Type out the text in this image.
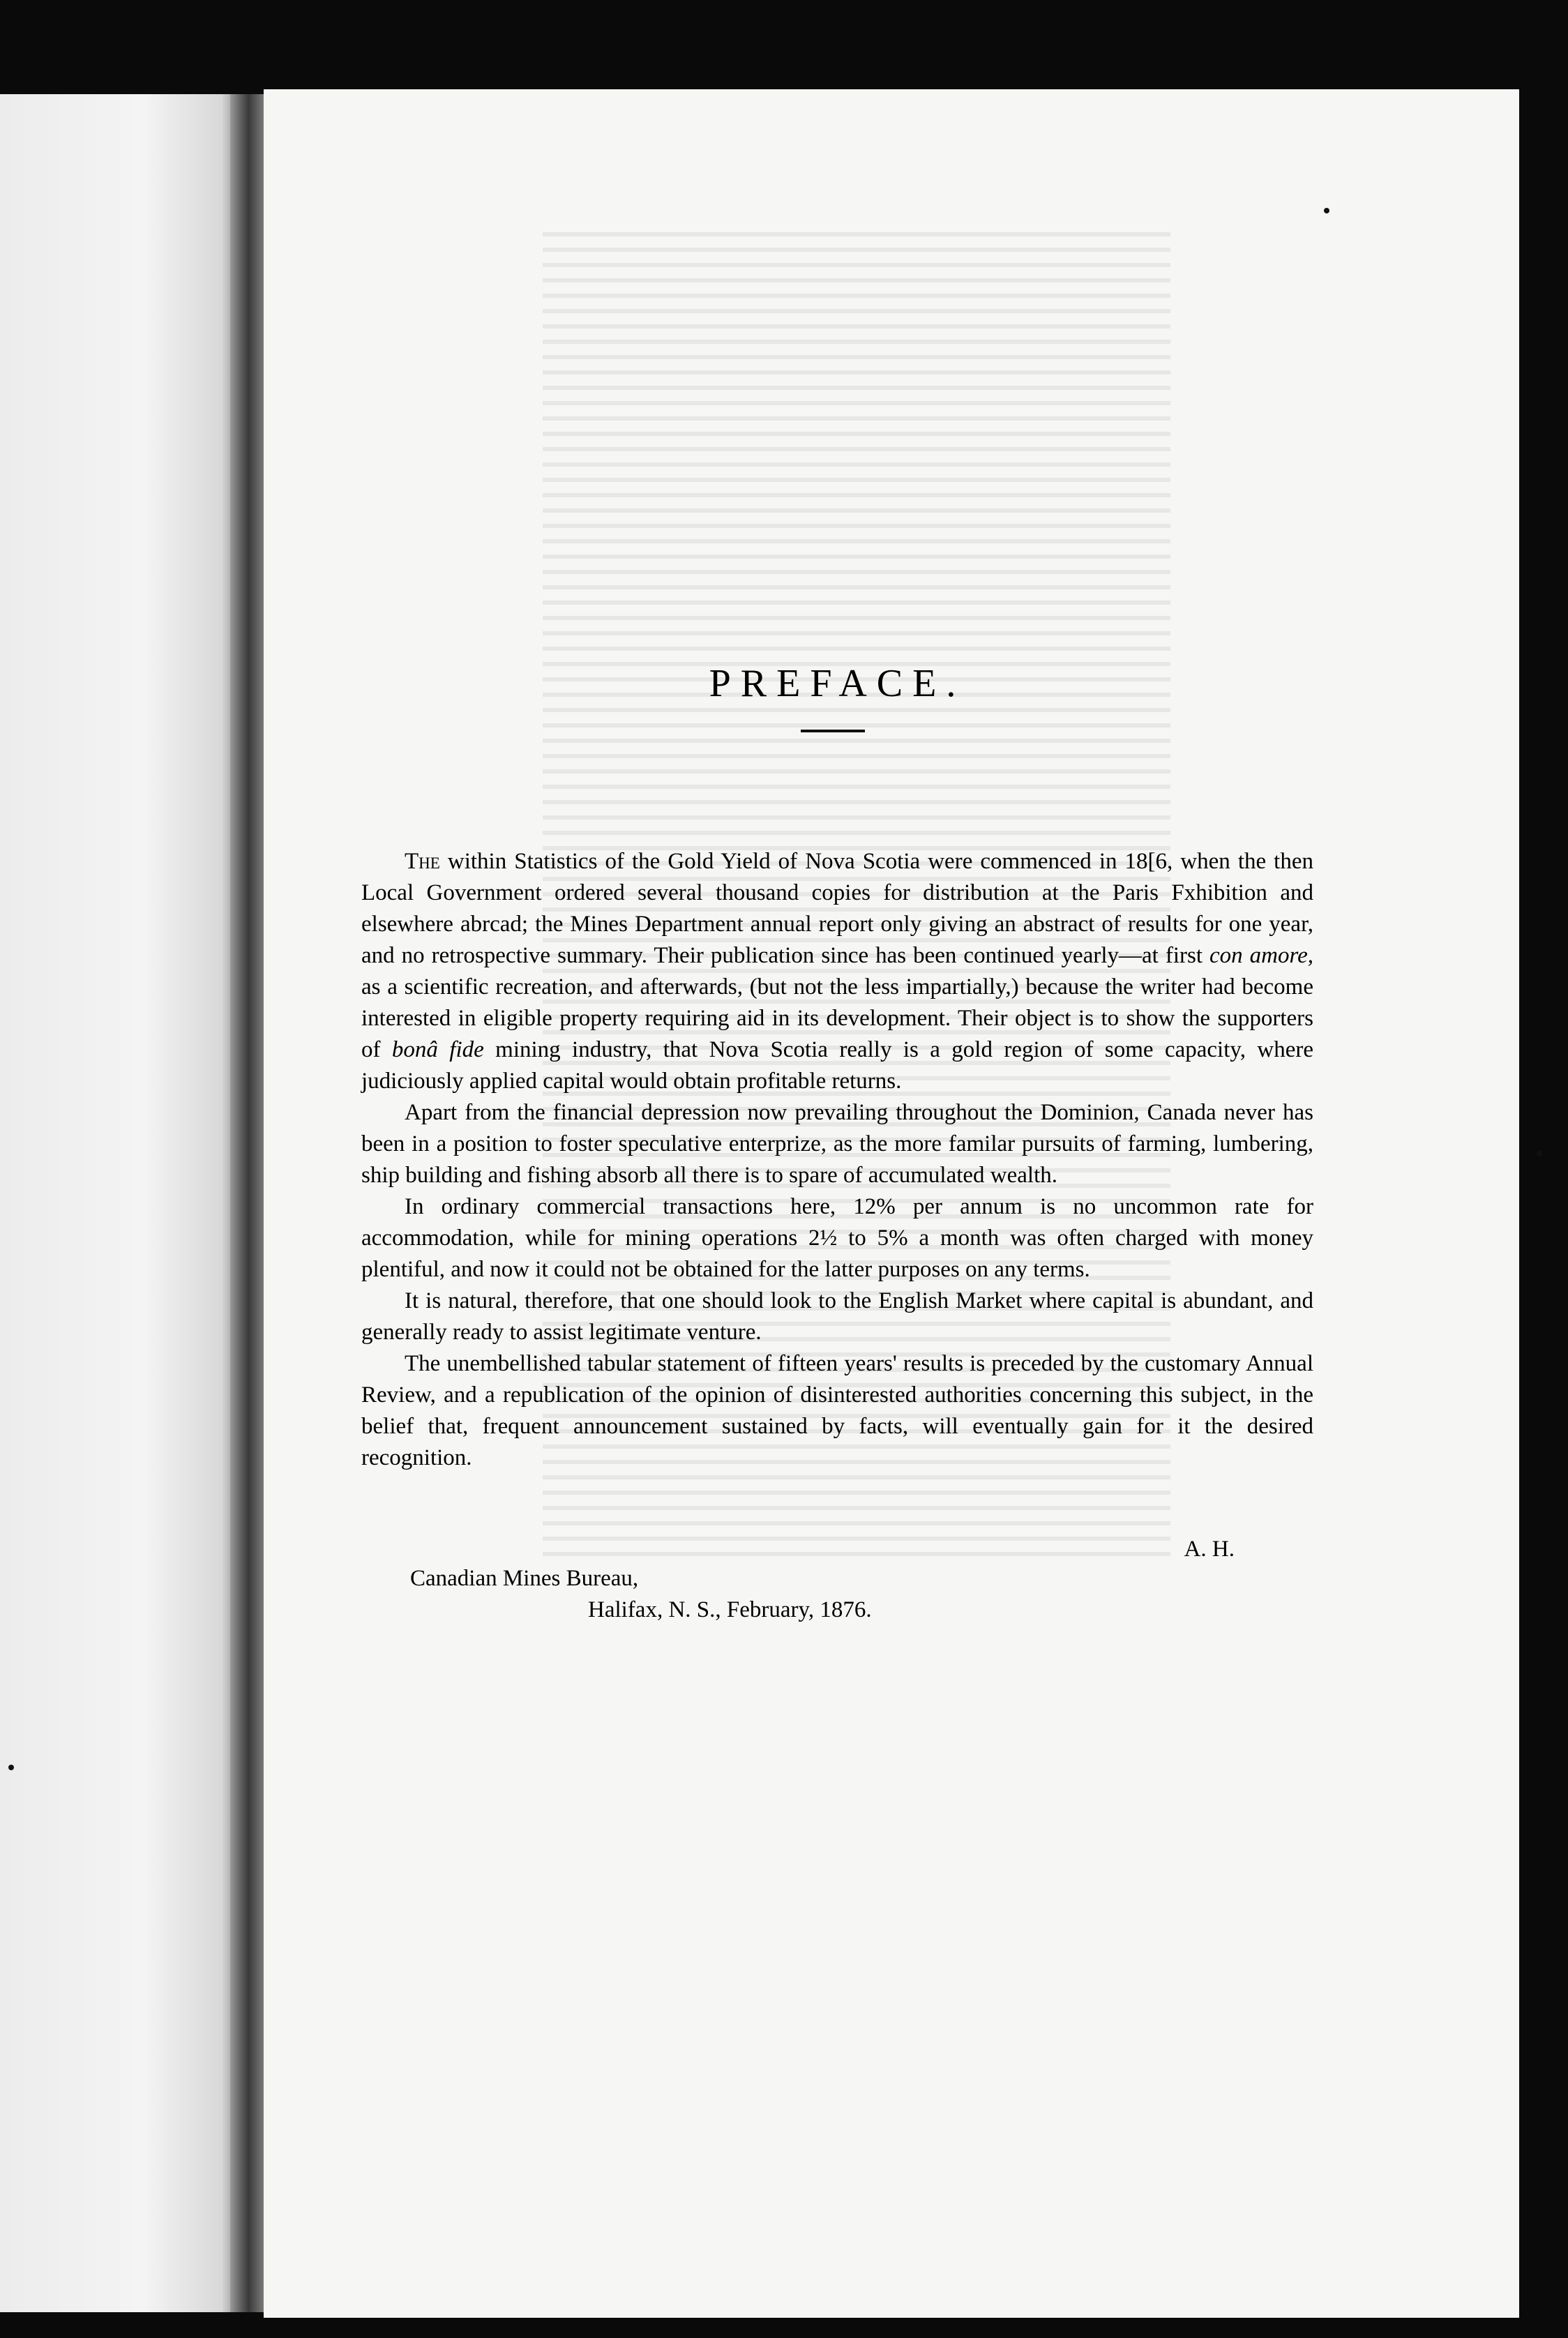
PREFACE.

The within Statistics of the Gold Yield of Nova Scotia were commenced in 18[6, when the then Local Government ordered several thousand copies for distribution at the Paris Fxhibition and elsewhere abrcad; the Mines Department annual report only giving an abstract of results for one year, and no retrospective summary. Their publication since has been continued yearly—at first con amore, as a scientific recreation, and afterwards, (but not the less impartially,) because the writer had become interested in eligible property requiring aid in its development. Their object is to show the supporters of bonâ fide mining industry, that Nova Scotia really is a gold region of some capacity, where judiciously applied capital would obtain profitable returns.

Apart from the financial depression now prevailing throughout the Dominion, Canada never has been in a position to foster speculative enterprize, as the more familar pursuits of farming, lumbering, ship building and fishing absorb all there is to spare of accumulated wealth.

In ordinary commercial transactions here, 12% per annum is no uncommon rate for accommodation, while for mining operations 2½ to 5% a month was often charged with money plentiful, and now it could not be obtained for the latter purposes on any terms.

It is natural, therefore, that one should look to the English Market where capital is abundant, and generally ready to assist legitimate venture.

The unembellished tabular statement of fifteen years' results is preceded by the customary Annual Review, and a republication of the opinion of disinterested authorities concerning this subject, in the belief that, frequent announcement sustained by facts, will eventually gain for it the desired recognition.

A. H.
Canadian Mines Bureau,
Halifax, N. S., February, 1876.
